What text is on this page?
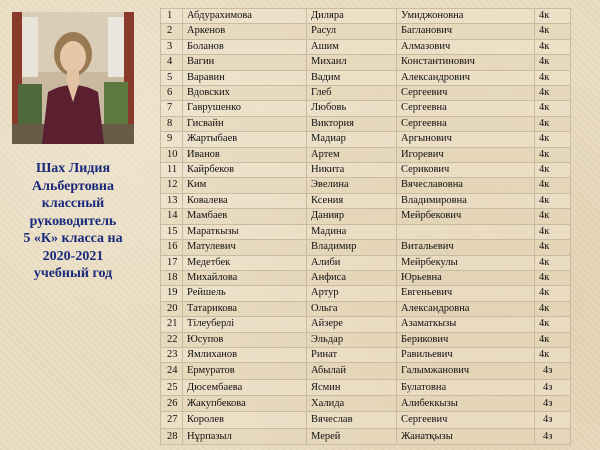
Шах Лидия
Альбертовна
классный
руководитель
5 «К» класса на
2020-2021
учебный год
1	Абдурахимова	Диляра	Умиджоновна	4к
2	Аркенов	Расул	Багланович	4к
3	Боланов	Ашим	Алмазович	4к
4	Вагин	Михаил	Константинович	4к
5	Варавин	Вадим	Александрович	4к
6	Вдовских	Глеб	Сергеевич	4к
7	Гаврушенко	Любовь	Сергеевна	4к
8	Гисвайн	Виктория	Сергеевна	4к
9	Жартыбаев	Мадиар	Аргынович	4к
10	Иванов	Артем	Игоревич	4к
11	Кайрбеков	Никита	Серикович	4к
12	Ким	Эвелина	Вячеславовна	4к
13	Ковалева	Ксения	Владимировна	4к
14	Мамбаев	Данияр	Мейрбекович	4к
15	Мараткызы	Мадина		4к
16	Матулевич	Владимир	Витальевич	4к
17	Медетбек	Алиби	Мейрбекулы	4к
18	Михайлова	Анфиса	Юрьевна	4к
19	Рейшель	Артур	Евгеньевич	4к
20	Татарикова	Ольга	Александровна	4к
21	Тілеуберлі	Айзере	Азаматкызы	4к
22	Юсупов	Эльдар	Берикович	4к
23	Ямлиханов	Ринат	Равильевич	4к
24	Ермуратов	Абылай	Галымжанович	4з
25	Дюсембаева	Ясмин	Булатовна	4з
26	Жакупбекова	Халида	Алибеккызы	4з
27	Королев	Вячеслав	Сергеевич	4з
28	Нұрпазыл	Мерей	Жанатқызы	4з
